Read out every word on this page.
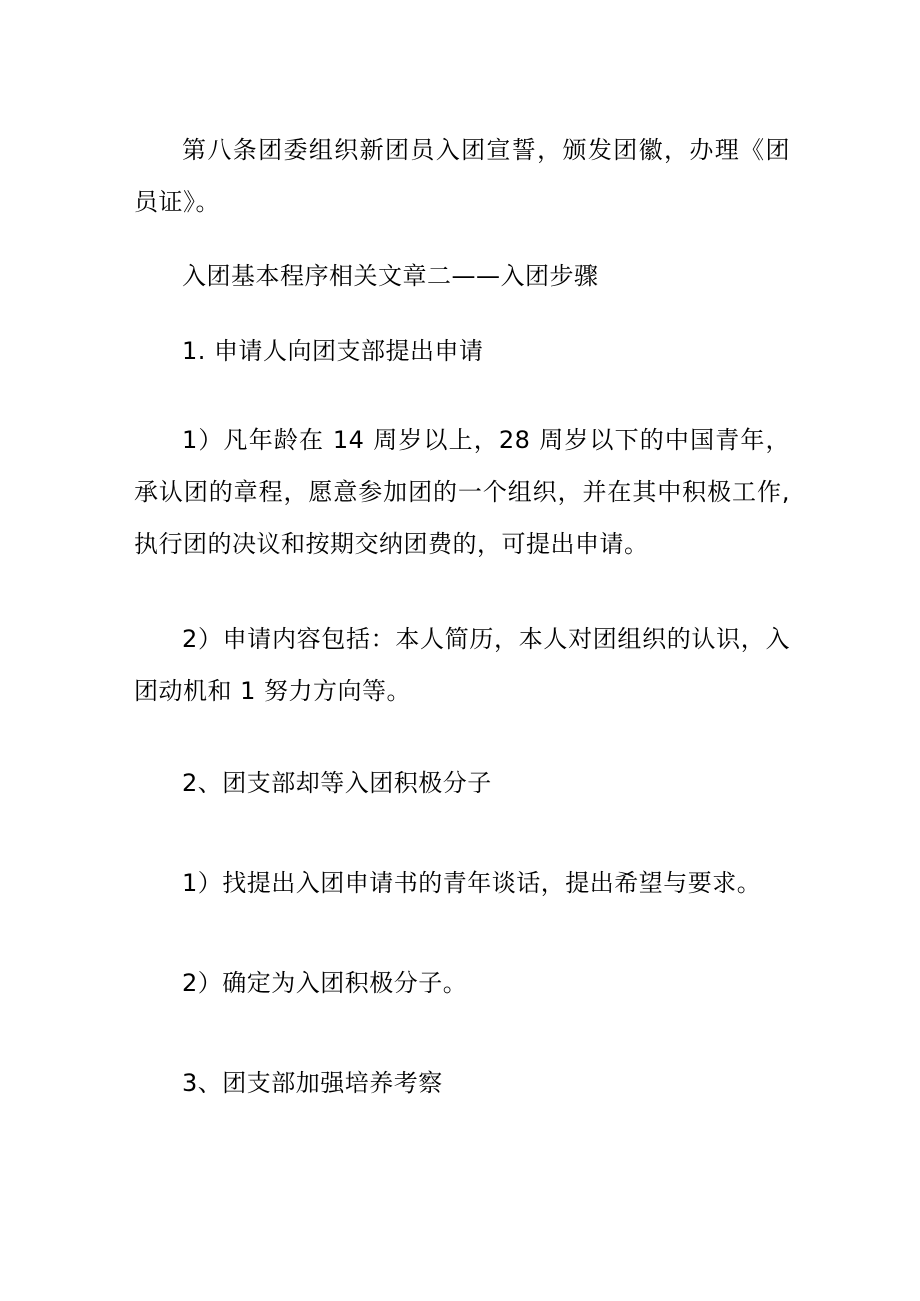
第八条团委组织新团员入团宣誓，颁发团徽，办理《团员证》。

入团基本程序相关文章二——入团步骤

1. 申请人向团支部提出申请

1）凡年龄在 14 周岁以上，28 周岁以下的中国青年，承认团的章程，愿意参加团的一个组织，并在其中积极工作,执行团的决议和按期交纳团费的，可提出申请。

2）申请内容包括：本人简历，本人对团组织的认识，入团动机和 1 努力方向等。

2、团支部却等入团积极分子

1）找提出入团申请书的青年谈话，提出希望与要求。

2）确定为入团积极分子。

3、团支部加强培养考察
